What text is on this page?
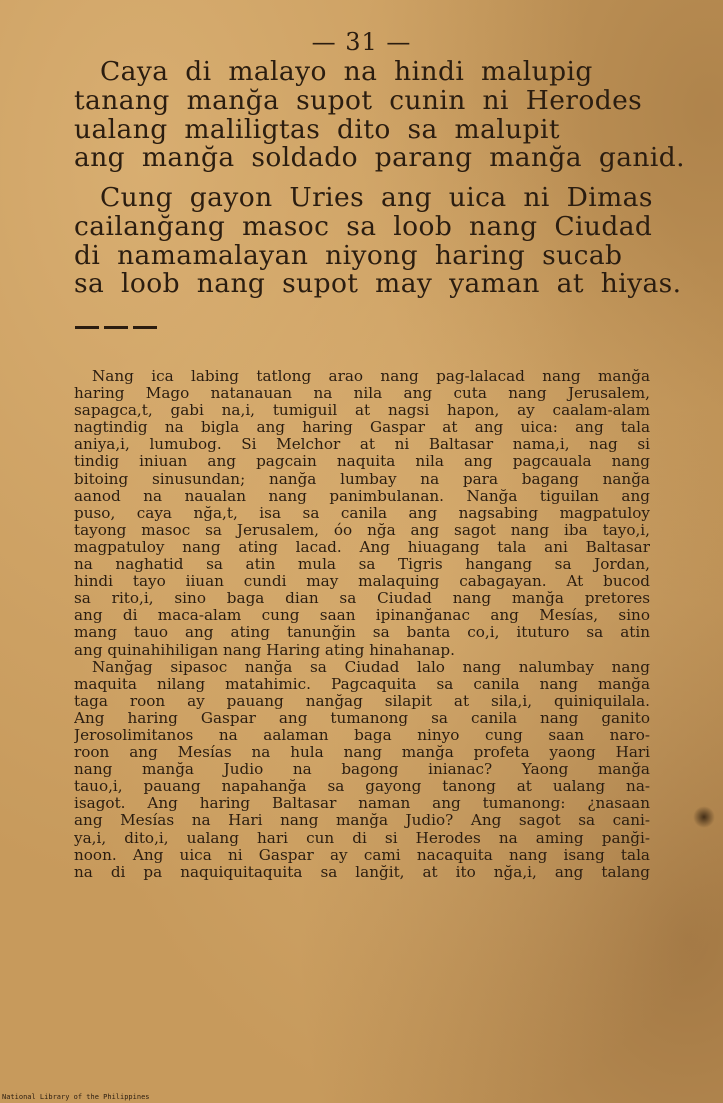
— 31 —
Caya di malayo na hindi malupig
tanang manğa supot cunin ni Herodes
ualang maliligtas dito sa malupit
ang manğa soldado parang manğa ganid.
Cung gayon Uries ang uica ni Dimas
cailanğang masoc sa loob nang Ciudad
di namamalayan niyong haring sucab
sa loob nang supot may yaman at hiyas.
Nang ica labing tatlong arao nang pag-lalacad nang manğa
haring Mago natanauan na nila ang cuta nang Jerusalem,
sapagca,t, gabi na,i, tumiguil at nagsi hapon, ay caalam-alam
nagtindig na bigla ang haring Gaspar at ang uica: ang tala
aniya,i, lumubog. Si Melchor at ni Baltasar nama,i, nag si
tindig iniuan ang pagcain naquita nila ang pagcauala nang
bitoing sinusundan; nanğa lumbay na para bagang nanğa
aanod na naualan nang panimbulanan. Nanğa tiguilan ang
puso, caya nğa,t, isa sa canila ang nagsabing magpatuloy
tayong masoc sa Jerusalem, óo nğa ang sagot nang iba tayo,i,
magpatuloy nang ating lacad. Ang hiuagang tala ani Baltasar
na naghatid sa atin mula sa Tigris hangang sa Jordan,
hindi tayo iiuan cundi may malaquing cabagayan. At bucod
sa rito,i, sino baga dian sa Ciudad nang manğa pretores
ang di maca-alam cung saan ipinanğanac ang Mesías, sino
mang tauo ang ating tanunğin sa banta co,i, ituturo sa atin
ang quinahihiligan nang Haring ating hinahanap.
Nanğag sipasoc nanğa sa Ciudad lalo nang nalumbay nang
maquita nilang matahimic. Pagcaquita sa canila nang manğa
taga roon ay pauang nanğag silapit at sila,i, quiniquilala.
Ang haring Gaspar ang tumanong sa canila nang ganito
Jerosolimitanos na aalaman baga ninyo cung saan naro-
roon ang Mesías na hula nang manğa profeta yaong Hari
nang manğa Judio na bagong inianac? Yaong manğa
tauo,i, pauang napahanğa sa gayong tanong at ualang na-
isagot. Ang haring Baltasar naman ang tumanong: ¿nasaan
ang Mesías na Hari nang manğa Judio? Ang sagot sa cani-
ya,i, dito,i, ualang hari cun di si Herodes na aming panği-
noon. Ang uica ni Gaspar ay cami nacaquita nang isang tala
na di pa naquiquitaquita sa lanğit, at ito nğa,i, ang talang
National Library of the Philippines
